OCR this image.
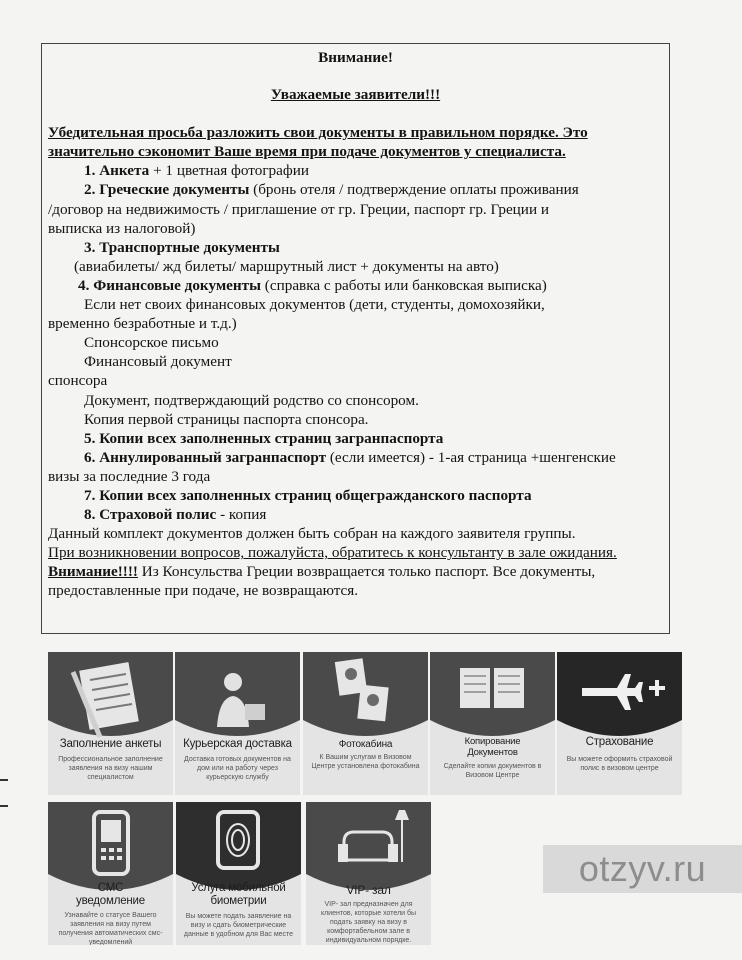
Внимание!

Уважаемые заявители!!!

Убедительная просьба разложить свои документы в правильном порядке. Это

значительно сэкономит Ваше время при подаче документов у специалиста.

1. Анкета + 1 цветная фотографии

2. Греческие документы (бронь отеля / подтверждение оплаты проживания

/договор на недвижимость / приглашение от гр. Греции, паспорт гр. Греции и

выписка из налоговой)

3. Транспортные документы

(авиабилеты/ жд билеты/ маршрутный лист + документы на авто)

4. Финансовые документы (справка с работы или банковская выписка)

Если нет своих финансовых документов (дети, студенты, домохозяйки,

временно безработные и т.д.)

Спонсорское письмо

Финансовый документ

спонсора

Документ, подтверждающий родство со спонсором.

Копия первой страницы паспорта спонсора.

5. Копии всех заполненных страниц загранпаспорта

6. Аннулированный загранпаспорт (если имеется) - 1-ая страница +шенгенские

визы за последние 3 года

7. Копии всех заполненных страниц общегражданского паспорта

8. Страховой полис - копия

Данный комплект документов должен быть собран на каждого заявителя группы.

При возникновении вопросов, пожалуйста, обратитесь к консультанту в зале ожидания.

Внимание!!!! Из Консульства Греции возвращается только паспорт. Все документы,

предоставленные при подаче, не возвращаются.

Заполнение анкеты
Профессиональное заполнение заявления на визу нашим специалистом
Курьерская доставка
Доставка готовых документов на дом или на работу через курьерскую службу
Фотокабина
К Вашим услугам в Визовом Центре установлена фотокабина
Копирование
Документов
Сделайте копии документов в Визовом Центре
Страхование
Вы можете оформить страховой полис в визовом центре
СМС
уведомление
Узнавайте о статусе Вашего заявления на визу путем получения автоматических смс-уведомлений
Услуга мобильной
биометрии
Вы можете подать заявление на визу и сдать биометрические данные в удобном для Вас месте
VIP- зал
VIP- зал предназначен для клиентов, которые хотели бы подать заявку на визу в комфортабельном зале в индивидуальном порядке.
otzyv.ru
